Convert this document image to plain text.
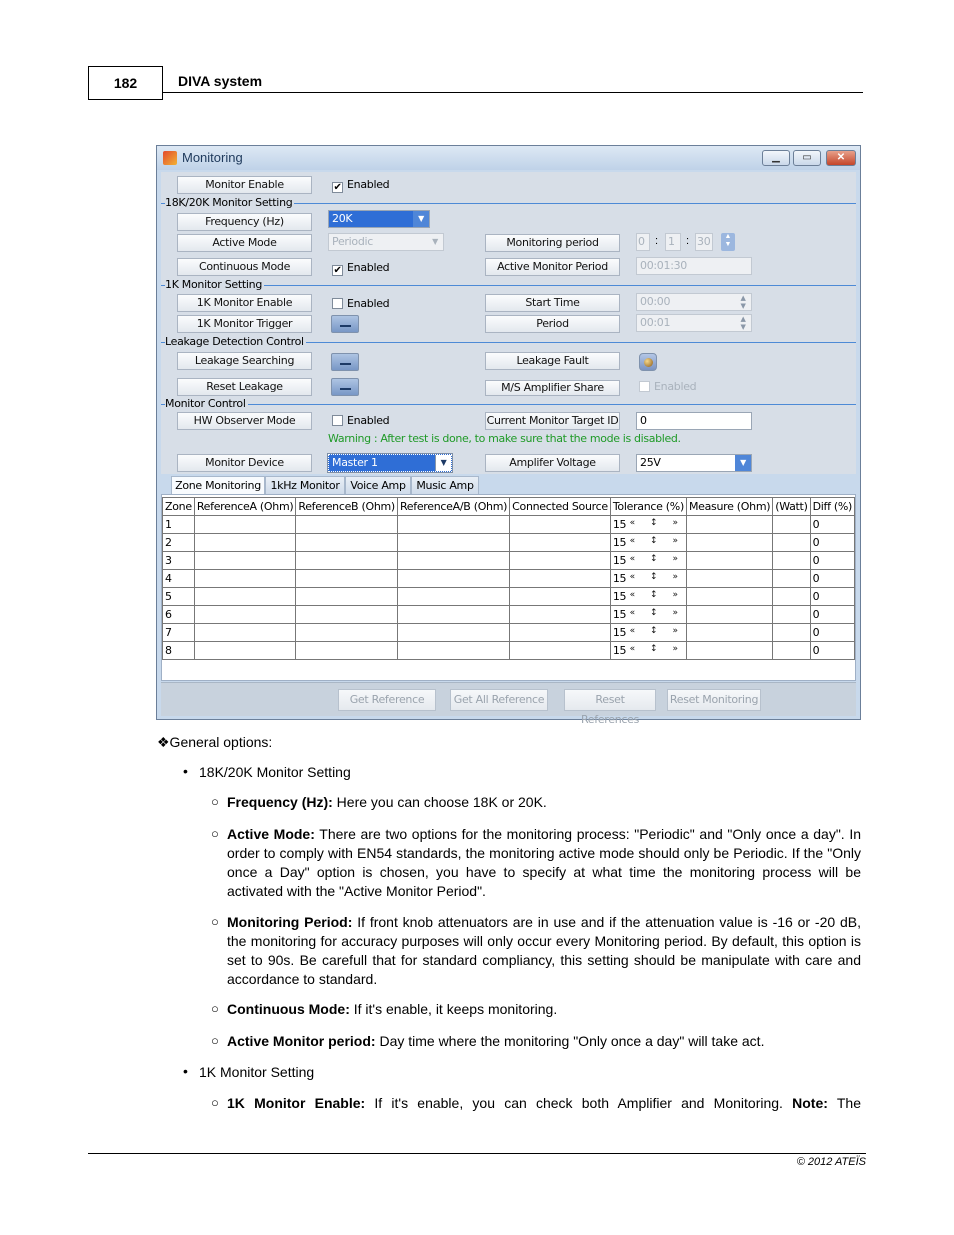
182	DIVA system
Monitoring	▁	▭	✕
Monitor Enable	✔ Enabled
18K/20K Monitor Setting
Frequency (Hz)	20K	▼
Active Mode	Periodic	▼	Monitoring period	0 : 1	: 30	▲
▼
Continuous Mode	✔ Enabled	Active Monitor Period	00:01:30
1K Monitor Setting
1K Monitor Enable	Enabled	Start Time	00:00	▲
▼
1K Monitor Trigger	Period	00:01	▲
▼
Leakage Detection Control
Leakage Searching	Leakage Fault
Reset Leakage	M/S Amplifier Share	Enabled
Monitor Control
HW Observer Mode	Enabled	Current Monitor Target ID	0
Warning : After test is done, to make sure that the mode is disabled.
Monitor Device	Master 1	▼	Amplifer Voltage	25V	▼
Zone Monitoring 1kHz Monitor Voice Amp Music Amp
Zone	ReferenceA (Ohm)	ReferenceB (Ohm)	ReferenceA/B (Ohm)	Connected Source	Tolerance (%)	Measure (Ohm)	(Watt)	Diff (%)
1					15 « ↕ »			0
2					15 « ↕ »			0
3					15 « ↕ »			0
4					15 « ↕ »			0
5					15 « ↕ »			0
6					15 « ↕ »			0
7					15 « ↕ »			0
8					15 « ↕ »			0
Get Reference	Get All Reference	Reset References
Reset Monitoring
❖General options:
• 18K/20K Monitor Setting
○ Frequency (Hz): Here you can choose 18K or 20K.
○ Active Mode: There are two options for the monitoring process: "Periodic" and "Only once a day". In order to comply with EN54 standards, the monitoring active mode should only be Periodic. If the "Only once a Day" option is chosen, you have to specify at what time the monitoring process will be activated with the "Active Monitor Period".
○ Monitoring Period: If front knob attenuators are in use and if the attenuation value is -16 or -20 dB, the monitoring for accuracy purposes will only occur every Monitoring period. By default, this option is set to 90s. Be carefull that for standard compliancy, this setting should be manipulate with care and accordance to standard.
○ Continuous Mode: If it's enable, it keeps monitoring.
○ Active Monitor period: Day time where the monitoring "Only once a day" will take act.
• 1K Monitor Setting
○ 1K Monitor Enable: If it's enable, you can check both Amplifier and Monitoring. Note: The
© 2012 ATEÏS
